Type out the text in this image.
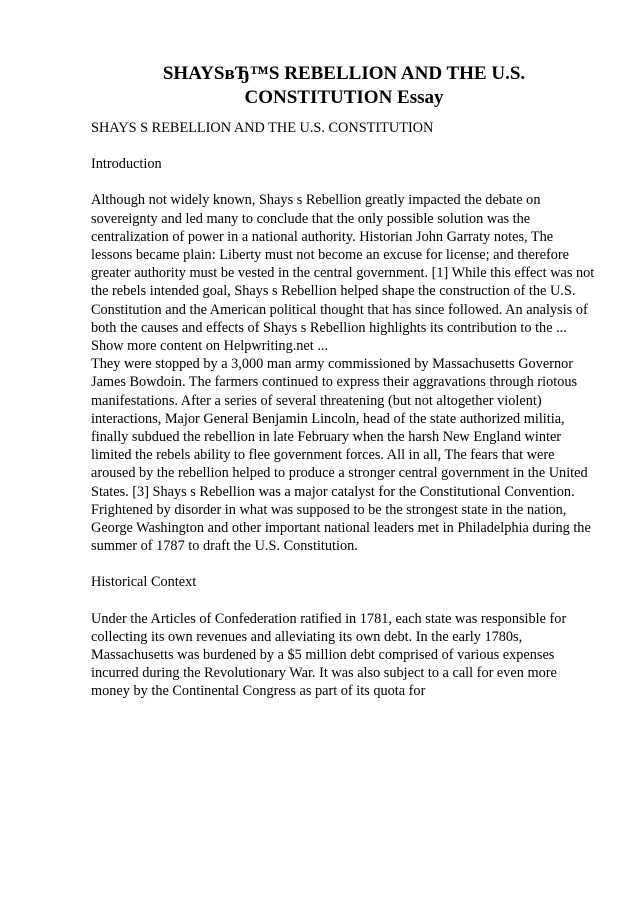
SHAYSвЂ™S REBELLION AND THE U.S.
CONSTITUTION Essay

SHAYS S REBELLION AND THE U.S. CONSTITUTION

Introduction

Although not widely known, Shays s Rebellion greatly impacted the debate on sovereignty and led many to conclude that the only possible solution was the centralization of power in a national authority. Historian John Garraty notes, The lessons became plain: Liberty must not become an excuse for license; and therefore greater authority must be vested in the central government. [1] While this effect was not the rebels intended goal, Shays s Rebellion helped shape the construction of the U.S. Constitution and the American political thought that has since followed. An analysis of both the causes and effects of Shays s Rebellion highlights its contribution to the ... Show more content on Helpwriting.net ...

They were stopped by a 3,000 man army commissioned by Massachusetts Governor James Bowdoin. The farmers continued to express their aggravations through riotous manifestations. After a series of several threatening (but not altogether violent) interactions, Major General Benjamin Lincoln, head of the state authorized militia, finally subdued the rebellion in late February when the harsh New England winter limited the rebels ability to flee government forces. All in all, The fears that were aroused by the rebellion helped to produce a stronger central government in the United States. [3] Shays s Rebellion was a major catalyst for the Constitutional Convention. Frightened by disorder in what was supposed to be the strongest state in the nation, George Washington and other important national leaders met in Philadelphia during the summer of 1787 to draft the U.S. Constitution.

Historical Context

Under the Articles of Confederation ratified in 1781, each state was responsible for collecting its own revenues and alleviating its own debt. In the early 1780s, Massachusetts was burdened by a $5 million debt comprised of various expenses incurred during the Revolutionary War. It was also subject to a call for even more money by the Continental Congress as part of its quota for
